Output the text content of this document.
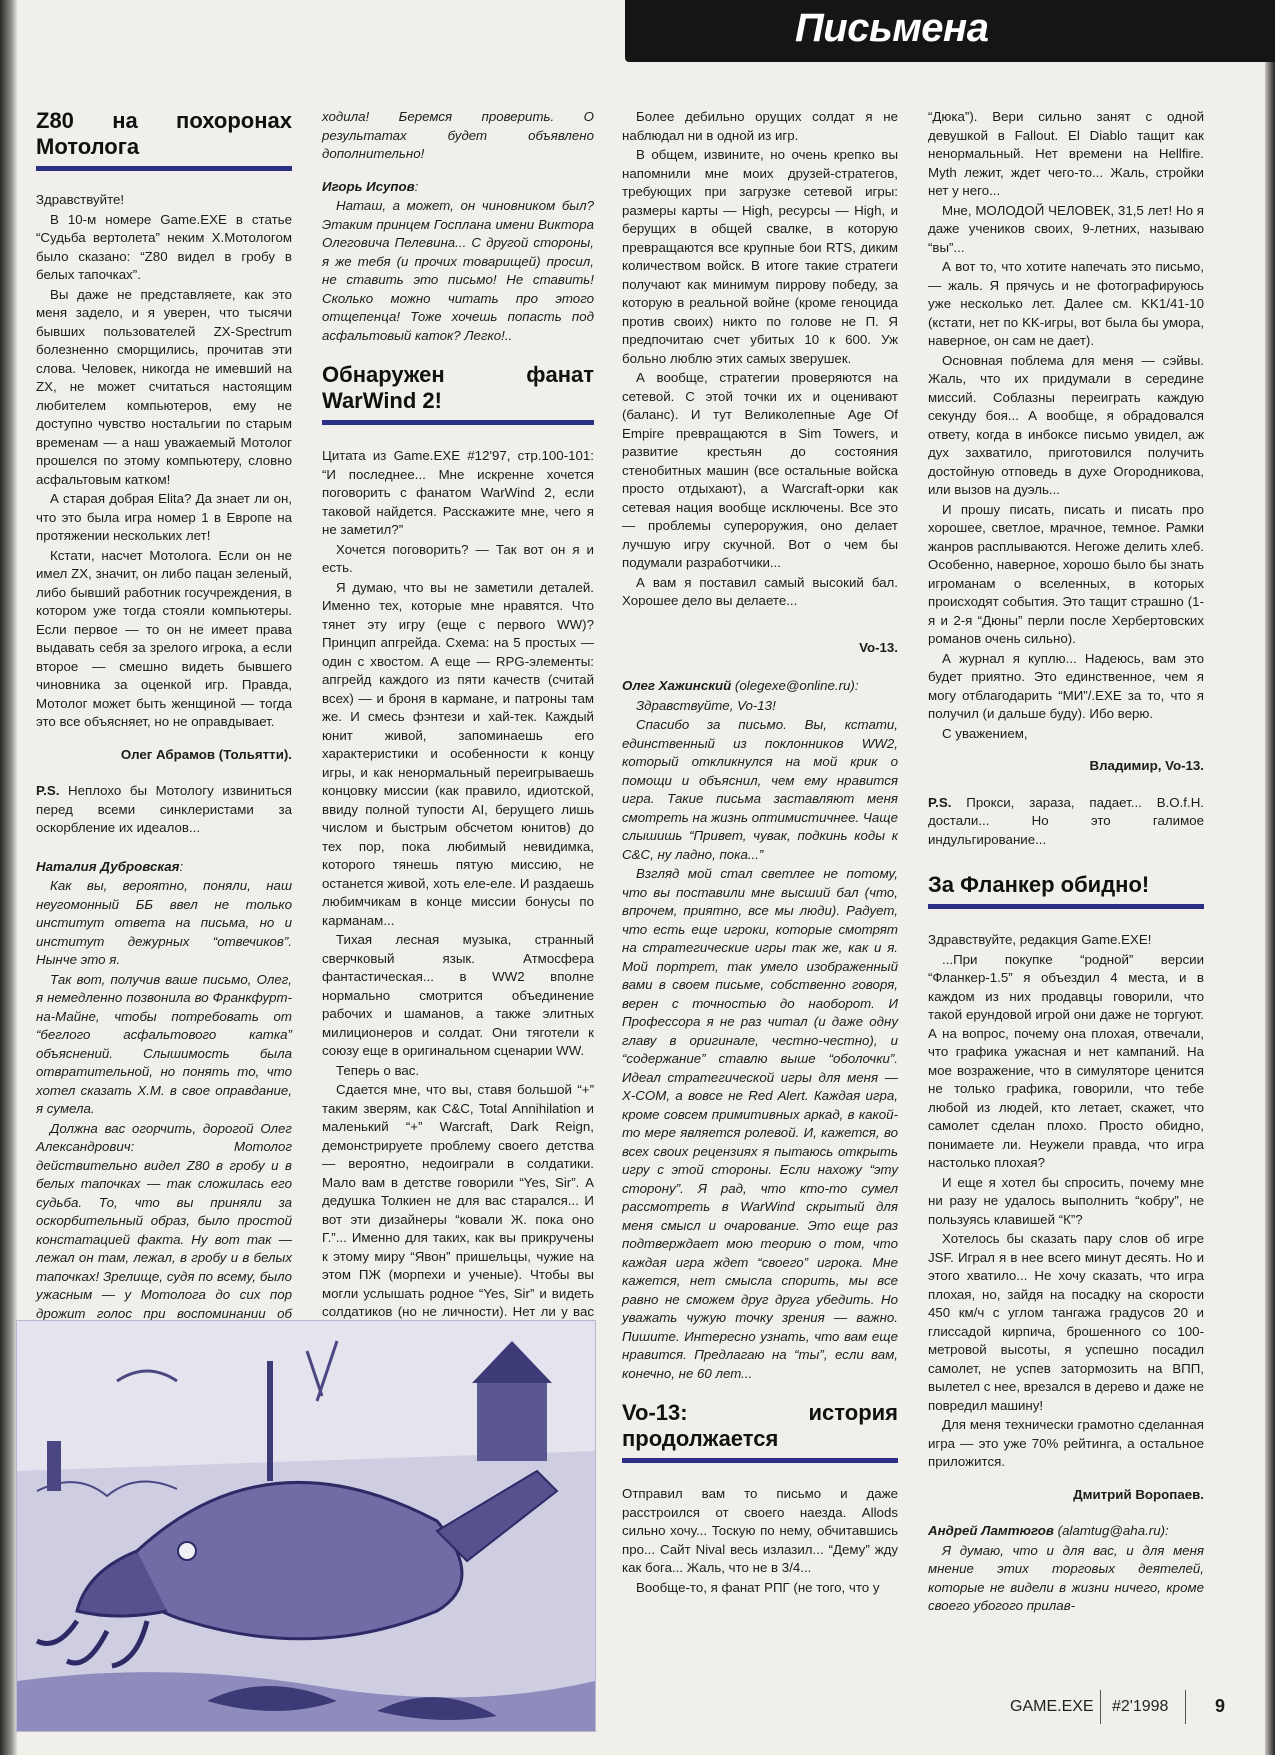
Письмена
Z80 на похоронах Мотолога

Здравствуйте!

В 10-м номере Game.EXE в статье “Судьба вертолета” неким Х.Мотологом было сказано: “Z80 видел в гробу в белых тапочках”.

Вы даже не представляете, как это меня задело, и я уверен, что тысячи бывших пользователей ZX-Spectrum болезненно сморщились, прочитав эти слова. Человек, никогда не имевший на ZX, не может считаться настоящим любителем компьютеров, ему не доступно чувство ностальгии по старым временам — а наш уважаемый Мотолог прошелся по этому компьютеру, словно асфальтовым катком!

А старая добрая Elita? Да знает ли он, что это была игра номер 1 в Европе на протяжении нескольких лет!

Кстати, насчет Мотолога. Если он не имел ZX, значит, он либо пацан зеленый, либо бывший работник госучреждения, в котором уже тогда стояли компьютеры. Если первое — то он не имеет права выдавать себя за зрелого игрока, а если второе — смешно видеть бывшего чиновника за оценкой игр. Правда, Мотолог может быть женщиной — тогда это все объясняет, но не оправдывает.

Олег Абрамов (Тольятти).

P.S. Неплохо бы Мотологу извиниться перед всеми синклеристами за оскорбление их идеалов...

Наталия Дубровская:

Как вы, вероятно, поняли, наш неугомонный ББ ввел не только институт ответа на письма, но и институт дежурных “отвечиков”. Нынче это я.

Так вот, получив ваше письмо, Олег, я немедленно позвонила во Франкфурт-на-Майне, чтобы потребовать от “беглого асфальтового катка” объяснений. Слышимость была отвратительной, но понять то, что хотел сказать Х.М. в свое оправдание, я сумела.

Должна вас огорчить, дорогой Олег Александрович: Мотолог действительно видел Z80 в гробу и в белых тапочках — так сложилась его судьба. То, что вы приняли за оскорбительный образ, было простой констатацией факта. Ну вот так — лежал он там, лежал, в гробу и в белых тапочках! Зрелище, судя по всему, было ужасным — у Мотолога до сих пор дрожит голос при воспоминании об

ходила! Беремся проверить. О результатах будет объявлено дополнительно!

Игорь Исупов:

Наташ, а может, он чиновником был? Этаким принцем Госплана имени Виктора Олеговича Пелевина... С другой стороны, я же тебя (и прочих товарищей) просил, не ставить это письмо! Не ставить! Сколько можно читать про этого отщепенца! Тоже хочешь попасть под асфальтовый каток? Легко!..

Обнаружен фанат WarWind 2!

Цитата из Game.EXE #12'97, стр.100-101: “И последнее... Мне искренне хочется поговорить с фанатом WarWind 2, если таковой найдется. Расскажите мне, чего я не заметил?”

Хочется поговорить? — Так вот он я и есть.

Я думаю, что вы не заметили деталей. Именно тех, которые мне нравятся. Что тянет эту игру (еще с первого WW)? Принцип апгрейда. Схема: на 5 простых — один с хвостом. А еще — RPG-элементы: апгрейд каждого из пяти качеств (считай всех) — и броня в кармане, и патроны там же. И смесь фэнтези и хай-тек. Каждый юнит живой, запоминаешь его характеристики и особенности к концу игры, и как ненормальный переигрываешь концовку миссии (как правило, идиотской, ввиду полной тупости AI, берущего лишь числом и быстрым обсчетом юнитов) до тех пор, пока любимый невидимка, которого тянешь пятую миссию, не останется живой, хоть еле-еле. И раздаешь любимчикам в конце миссии бонусы по карманам...

Тихая лесная музыка, странный сверчковый язык. Атмосфера фантастическая... в WW2 вполне нормально смотрится объединение рабочих и шаманов, а также элитных милиционеров и солдат. Они тяготели к союзу еще в оригинальном сценарии WW.

Теперь о вас.

Сдается мне, что вы, ставя большой “+” таким зверям, как C&C, Total Annihilation и маленький “+” Warcraft, Dark Reign, демонстрируете проблему своего детства — вероятно, недоиграли в солдатики. Мало вам в детстве говорили “Yes, Sir”. А дедушка Толкиен не для вас старался... И вот эти дизайнеры “ковали Ж. пока оно Г.”... Именно для таких, как вы прикручены к этому миру “Явон” пришельцы, чужие на этом ПЖ (морпехи и ученые). Чтобы вы могли услышать родное “Yes, Sir” и видеть солдатиков (но не личности). Нет ли у вас

Более дебильно орущих солдат я не наблюдал ни в одной из игр.

В общем, извините, но очень крепко вы напомнили мне моих друзей-стратегов, требующих при загрузке сетевой игры: размеры карты — High, ресурсы — High, и берущих в общей свалке, в которую превращаются все крупные бои RTS, диким количеством войск. В итоге такие стратеги получают как минимум пиррову победу, за которую в реальной войне (кроме геноцида против своих) никто по голове не П. Я предпочитаю счет убитых 10 к 600. Уж больно люблю этих самых зверушек.

А вообще, стратегии проверяются на сетевой. С этой точки их и оценивают (баланс). И тут Великолепные Age Of Empire превращаются в Sim Towers, и развитие крестьян до состояния стенобитных машин (все остальные войска просто отдыхают), а Warcraft-орки как сетевая нация вообще исключены. Все это — проблемы супероружия, оно делает лучшую игру скучной. Вот о чем бы подумали разработчики...

А вам я поставил самый высокий бал. Хорошее дело вы делаете...

Vo-13.

Олег Хажинский (olegexe@online.ru):

Здравствуйте, Vo-13!

Спасибо за письмо. Вы, кстати, единственный из поклонников WW2, который откликнулся на мой крик о помощи и объяснил, чем ему нравится игра. Такие письма заставляют меня смотреть на жизнь оптимистичнее. Чаще слышишь “Привет, чувак, подкинь коды к C&C, ну ладно, пока...”

Взгляд мой стал светлее не потому, что вы поставили мне высший бал (что, впрочем, приятно, все мы люди). Радует, что есть еще игроки, которые смотрят на стратегические игры так же, как и я. Мой портрет, так умело изображенный вами в своем письме, собственно говоря, верен с точностью до наоборот. И Профессора я не раз читал (и даже одну главу в оригинале, честно-честно), и “содержание” ставлю выше “оболочки”. Идеал стратегической игры для меня — X-COM, а вовсе не Red Alert. Каждая игра, кроме совсем примитивных аркад, в какой-то мере является ролевой. И, кажется, во всех своих рецензиях я пытаюсь открыть игру с этой стороны. Если нахожу “эту сторону”. Я рад, что кто-то сумел рассмотреть в WarWind скрытый для меня смысл и очарование. Это еще раз подтверждает мою теорию о том, что каждая игра ждет “своего” игрока. Мне кажется, нет смысла спорить, мы все равно не сможем друг друга убедить. Но уважать чужую точку зрения — важно. Пишите. Интересно узнать, что вам еще нравится. Предлагаю на “ты”, если вам, конечно, не 60 лет...

Vo-13: история продолжается

Отправил вам то письмо и даже расстроился от своего наезда. Allods сильно хочу... Тоскую по нему, обчитавшись про... Сайт Nival весь излазил... “Дему” жду как бога... Жаль, что не в 3/4...

Вообще-то, я фанат РПГ (не того, что у

“Дюка”). Вери сильно занят с одной девушкой в Fallout. El Diablo тащит как ненормальный. Нет времени на Hellfire. Myth лежит, ждет чего-то... Жаль, стройки нет у него...

Мне, МОЛОДОЙ ЧЕЛОВЕК, 31,5 лет! Но я даже учеников своих, 9-летних, называю “вы”...

А вот то, что хотите напечать это письмо, — жаль. Я прячусь и не фотографируюсь уже несколько лет. Далее см. KK1/41-10 (кстати, нет по KK-игры, вот была бы умора, наверное, он сам не дает).

Основная поблема для меня — сэйвы. Жаль, что их придумали в середине миссий. Соблазны переиграть каждую секунду боя... А вообще, я обрадовался ответу, когда в инбоксе письмо увидел, аж дух захватило, приготовился получить достойную отповедь в духе Огородникова, или вызов на дуэль...

И прошу писать, писать и писать про хорошее, светлое, мрачное, темное. Рамки жанров расплываются. Негоже делить хлеб. Особенно, наверное, хорошо было бы знать игроманам о вселенных, в которых происходят события. Это тащит страшно (1-я и 2-я “Дюны” перли после Хербертовских романов очень сильно).

А журнал я куплю... Надеюсь, вам это будет приятно. Это единственное, чем я могу отблагодарить “МИ”/.EXE за то, что я получил (и дальше буду). Ибо верю.

С уважением,

Владимир, Vo-13.

P.S. Прокси, зараза, падает... B.O.f.H. достали... Но это галимое индульгирование...

За Фланкер обидно!

Здравствуйте, редакция Game.EXE!

...При покупке “родной” версии “Фланкер-1.5” я объездил 4 места, и в каждом из них продавцы говорили, что такой ерундовой игрой они даже не торгуют. А на вопрос, почему она плохая, отвечали, что графика ужасная и нет кампаний. На мое возражение, что в симуляторе ценится не только графика, говорили, что тебе любой из людей, кто летает, скажет, что самолет сделан плохо. Просто обидно, понимаете ли. Неужели правда, что игра настолько плохая?

И еще я хотел бы спросить, почему мне ни разу не удалось выполнить “кобру”, не пользуясь клавишей “К”?

Хотелось бы сказать пару слов об игре JSF. Играл я в нее всего минут десять. Но и этого хватило... Не хочу сказать, что игра плохая, но, зайдя на посадку на скорости 450 км/ч с углом тангажа градусов 20 и глиссадой кирпича, брошенного со 100-метровой высоты, я успешно посадил самолет, не успев затормозить на ВПП, вылетел с нее, врезался в дерево и даже не повредил машину!

Для меня технически грамотно сделанная игра — это уже 70% рейтинга, а остальное приложится.

Дмитрий Воропаев.

Андрей Ламтюгов (alamtug@aha.ru):

Я думаю, что и для вас, и для меня мнение этих торговых деятелей, которые не видели в жизни ничего, кроме своего убогого прилав-

GAME.EXE #2'1998	9
